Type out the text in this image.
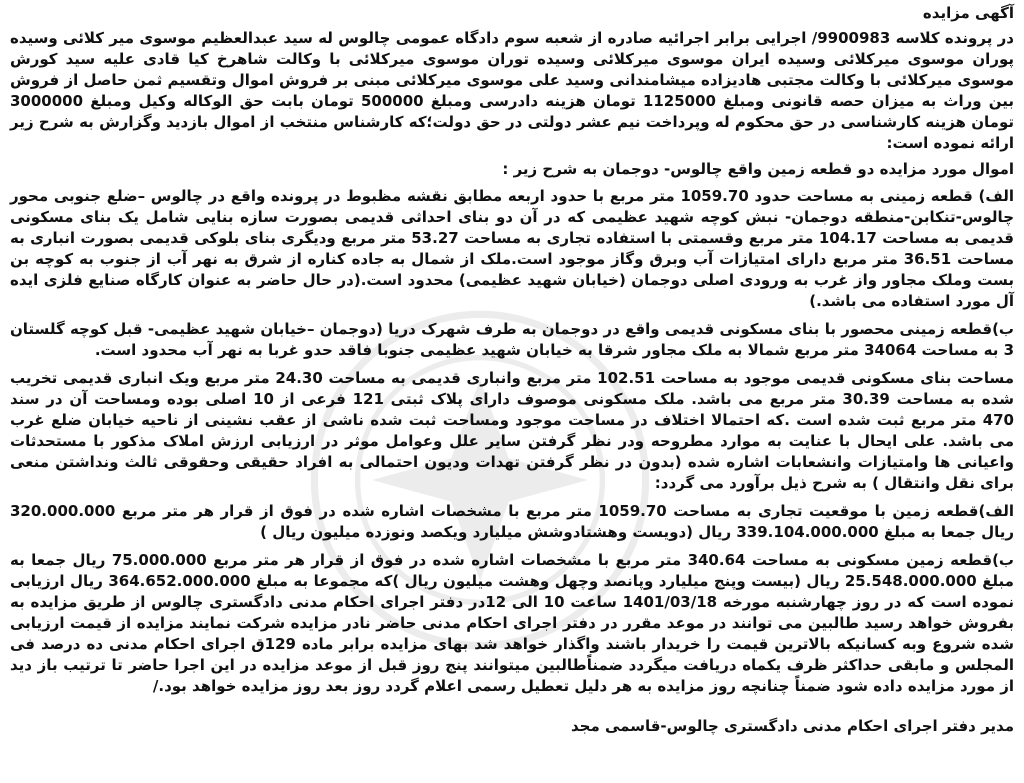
آگهی مزایده

در پرونده کلاسه 9900983/ اجرایی برابر اجرائیه صادره از شعبه سوم دادگاه عمومی چالوس له سید عبدالعظیم موسوی میر کلائی وسیده پوران موسوی میرکلائی وسیده ایران موسوی میرکلائی وسیده توران موسوی میرکلائی با وکالت شاهرخ کیا قادی علیه سید کورش موسوی میرکلائی با وکالت مجتبی هادیزاده میشامندانی وسید علی موسوی میرکلائی مبنی بر فروش اموال وتقسیم ثمن حاصل از فروش بین وراث به میزان حصه قانونی ومبلغ 1125000 تومان هزینه دادرسی ومبلغ 500000 تومان بابت حق الوکاله وکیل ومبلغ 3000000 تومان هزینه کارشناسی در حق محکوم له وپرداخت نیم عشر دولتی در حق دولت؛که کارشناس منتخب از اموال بازدید وگزارش به شرح زیر ارائه نموده است:

اموال مورد مزایده دو قطعه زمین واقع چالوس- دوجمان به شرح زیر :

الف) قطعه زمینی به مساحت حدود 1059.70 متر مربع با حدود اربعه مطابق نقشه مظبوط در پرونده واقع در چالوس –ضلع جنوبی محور چالوس-تنکابن-منطقه دوجمان- نبش کوچه شهید عظیمی که در آن دو بنای احداثی قدیمی بصورت سازه بنایی شامل یک بنای مسکونی قدیمی به مساحت 104.17 متر مربع وقسمتی با استفاده تجاری به مساحت 53.27 متر مربع ودیگری بنای بلوکی قدیمی بصورت انباری به مساحت 36.51 متر مربع دارای امتیازات آب وبرق وگاز موجود است.ملک از شمال به جاده کناره از شرق به نهر آب از جنوب به کوچه بن بست وملک مجاور واز غرب به ورودی اصلی دوجمان (خیابان شهید عظیمی) محدود است.(در حال حاضر به عنوان کارگاه صنایع فلزی ایده آل مورد استفاده می باشد.)

ب)قطعه زمینی محصور با بنای مسکونی قدیمی واقع در دوجمان به طرف شهرک دریا (دوجمان –خیابان شهید عظیمی- قبل کوچه گلستان 3 به مساحت 34064 متر مربع شمالا به ملک مجاور شرقا به خیابان شهید عظیمی جنوبا فاقد حدو غربا به نهر آب محدود است.

مساحت بنای مسکونی قدیمی موجود به مساحت 102.51 متر مربع وانباری قدیمی به مساحت 24.30 متر مربع ویک انباری قدیمی تخریب شده به مساحت 30.39 متر مربع می باشد. ملک مسکونی موصوف دارای پلاک ثبتی 121 فرعی از 10 اصلی بوده ومساحت آن در سند 470 متر مربع ثبت شده است .که احتمالا اختلاف در مساحت موجود ومساحت ثبت شده ناشی از عقب نشینی از ناحیه خیابان ضلع غرب می باشد. علی ایحال با عنایت به موارد مطروحه ودر نظر گرفتن سایر علل وعوامل موثر در ارزیابی ارزش املاک مذکور با مستحدثات واعیانی ها وامتیازات وانشعابات اشاره شده (بدون در نظر گرفتن تهدات ودیون احتمالی به افراد حقیقی وحقوقی ثالث ونداشتن منعی برای نقل وانتقال ) به شرح ذیل برآورد می گردد:

الف)قطعه زمین با موقعیت تجاری به مساحت 1059.70 متر مربع با مشخصات اشاره شده در فوق از قرار هر متر مربع 320.000.000 ریال جمعا به مبلغ 339.104.000.000 ریال (دویست وهشتادوشش میلیارد ویکصد ونوزده میلیون ریال )

ب)قطعه زمین مسکونی به مساحت 340.64 متر مربع با مشخصات اشاره شده در فوق از قرار هر متر مربع 75.000.000 ریال جمعا به مبلغ 25.548.000.000 ریال (بیست وپنج میلیارد وپانصد وچهل وهشت میلیون ریال )که مجموعا به مبلغ 364.652.000.000 ریال ارزیابی نموده است که در روز چهارشنبه مورخه 1401/03/18 ساعت 10 الی 12در دفتر اجرای احکام مدنی دادگستری چالوس از طریق مزایده به بفروش خواهد رسید طالبین می توانند در موعد مقرر در دفتر اجرای احکام مدنی حاضر نادر مزایده شرکت نمایند مزایده از قیمت ارزیابی شده شروع وبه کسانیکه بالاترین قیمت را خریدار باشند واگذار خواهد شد بهای مزایده برابر ماده 129ق اجرای احکام مدنی ده درصد فی المجلس و مابقی حداکثر ظرف یکماه دریافت میگردد ضمناًطالبین میتوانند پنج روز قبل از موعد مزایده در این اجرا حاضر تا ترتیب باز دید از مورد مزایده داده شود ضمناً چنانچه روز مزایده به هر دلیل تعطیل رسمی اعلام گردد روز بعد روز مزایده خواهد بود./

مدیر دفتر اجرای احکام مدنی دادگستری چالوس-قاسمی مجد
